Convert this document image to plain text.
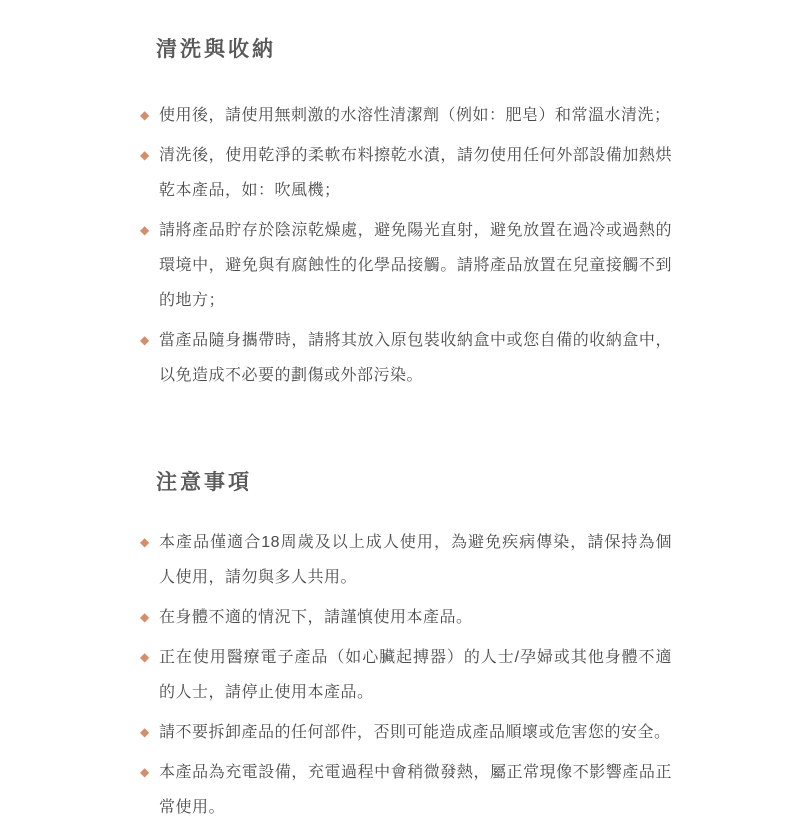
清洗與收納
◆ 使用後，請使用無刺激的水溶性清潔劑（例如：肥皂）和常溫水清洗；
◆ 清洗後，使用乾淨的柔軟布料擦乾水漬，請勿使用任何外部設備加熱烘乾本產品，如：吹風機；
◆ 請將產品貯存於陰涼乾燥處，避免陽光直射，避免放置在過冷或過熱的環境中，避免與有腐蝕性的化學品接觸。請將產品放置在兒童接觸不到的地方；
◆ 當產品隨身攜帶時，請將其放入原包裝收納盒中或您自備的收納盒中，以免造成不必要的劃傷或外部污染。
注意事項
◆ 本產品僅適合18周歲及以上成人使用，為避免疾病傳染，請保持為個人使用，請勿與多人共用。
◆ 在身體不適的情況下，請謹慎使用本產品。
◆ 正在使用醫療電子產品（如心臟起搏器）的人士/孕婦或其他身體不適的人士，請停止使用本產品。
◆ 請不要拆卸產品的任何部件，否則可能造成產品順壞或危害您的安全。
◆ 本產品為充電設備，充電過程中會稍微發熱，屬正常現像不影響產品正常使用。
